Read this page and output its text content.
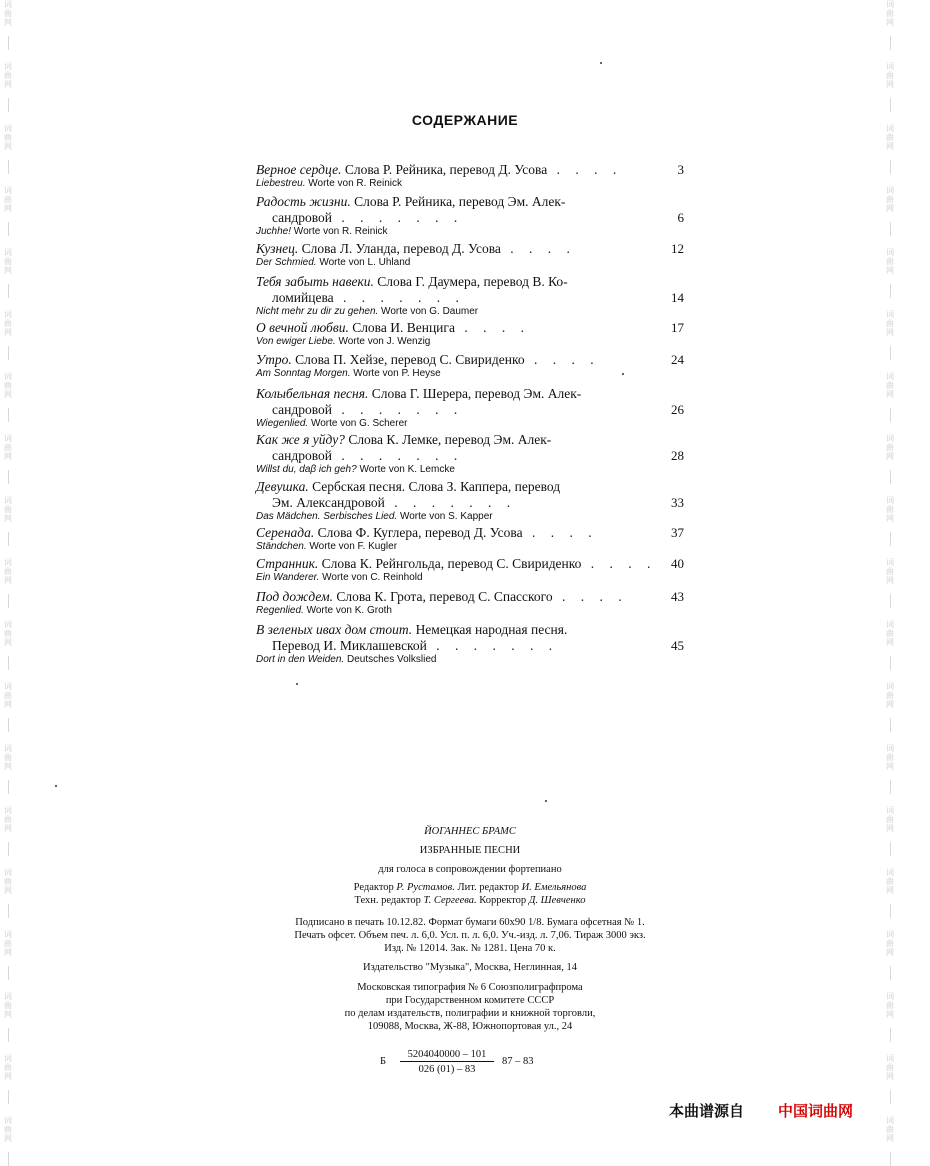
词
曲
网
词
曲
网
词
曲
网
词
曲
网
词
曲
网
词
曲
网
词
曲
网
词
曲
网
词
曲
网
词
曲
网
词
曲
网
词
曲
网
词
曲
网
词
曲
网
词
曲
网
词
曲
网
词
曲
网
词
曲
网
词
曲
网
词
曲
网
词
曲
网
词
曲
网
词
曲
网
词
曲
网
词
曲
网
词
曲
网
词
曲
网
词
曲
网
词
曲
网
词
曲
网
词
曲
网
词
曲
网
词
曲
网
词
曲
网
词
曲
网
词
曲
网
词
曲
网
词
曲
网
СОДЕРЖАНИЕ
Верное сердце. Слова Р. Рейника, перевод Д. Усова . . . .
Liebestreu. Worte von R. Reinick
3
Радость жизни. Слова Р. Рейника, перевод Эм. Алек-
сандровой . . . . . . .
Juchhe! Worte von R. Reinick
6
Кузнец. Слова Л. Уланда, перевод Д. Усова . . . .
Der Schmied. Worte von L. Uhland
12
Тебя забыть навеки. Слова Г. Даумера, перевод В. Ко-
ломийцева . . . . . . .
Nicht mehr zu dir zu gehen. Worte von G. Daumer
14
О вечной любви. Слова И. Венцига . . . .
Von ewiger Liebe. Worte von J. Wenzig
17
Утро. Слова П. Хейзе, перевод С. Свириденко . . . .
Am Sonntag Morgen. Worte von P. Heyse
24
Колыбельная песня. Слова Г. Шерера, перевод Эм. Алек-
сандровой . . . . . . .
Wiegenlied. Worte von G. Scherer
26
Как же я уйду? Слова К. Лемке, перевод Эм. Алек-
сандровой . . . . . . .
Willst du, daβ ich geh? Worte von K. Lemcke
28
Девушка. Сербская песня. Слова З. Каппера, перевод
Эм. Александровой . . . . . . .
Das Mädchen. Serbisches Lied. Worte von S. Kapper
33
Серенада. Слова Ф. Куглера, перевод Д. Усова . . . .
Ständchen. Worte von F. Kugler
37
Странник. Слова К. Рейнгольда, перевод С. Свириденко . . . .
Ein Wanderer. Worte von C. Reinhold
40
Под дождем. Слова К. Грота, перевод С. Спасского . . . .
Regenlied. Worte von K. Groth
43
В зеленых ивах дом стоит. Немецкая народная песня.
Перевод И. Миклашевской . . . . . . .
Dort in den Weiden. Deutsches Volkslied
45
ЙОГАННЕС БРАМС
ИЗБРАННЫЕ ПЕСНИ
для голоса в сопровождении фортепиано
Редактор Р. Рустамов. Лит. редактор И. Емельянова
Техн. редактор Т. Сергеева. Корректор Д. Шевченко
Подписано в печать 10.12.82. Формат бумаги 60x90 1/8. Бумага офсетная № 1.
Печать офсет. Объем печ. л. 6,0. Усл. п. л. 6,0. Уч.-изд. л. 7,06. Тираж 3000 экз.
Изд. № 12014. Зак. № 1281. Цена 70 к.
Издательство "Музыка", Москва, Неглинная, 14
Московская типография № 6 Союзполиграфпрома
при Государственном комитете СССР
по делам издательств, полиграфии и книжной торговли,
109088, Москва, Ж-88, Южнопортовая ул., 24
Б
5204040000 – 101
026 (01) – 83
87 – 83
本曲谱源自 中国词曲网
